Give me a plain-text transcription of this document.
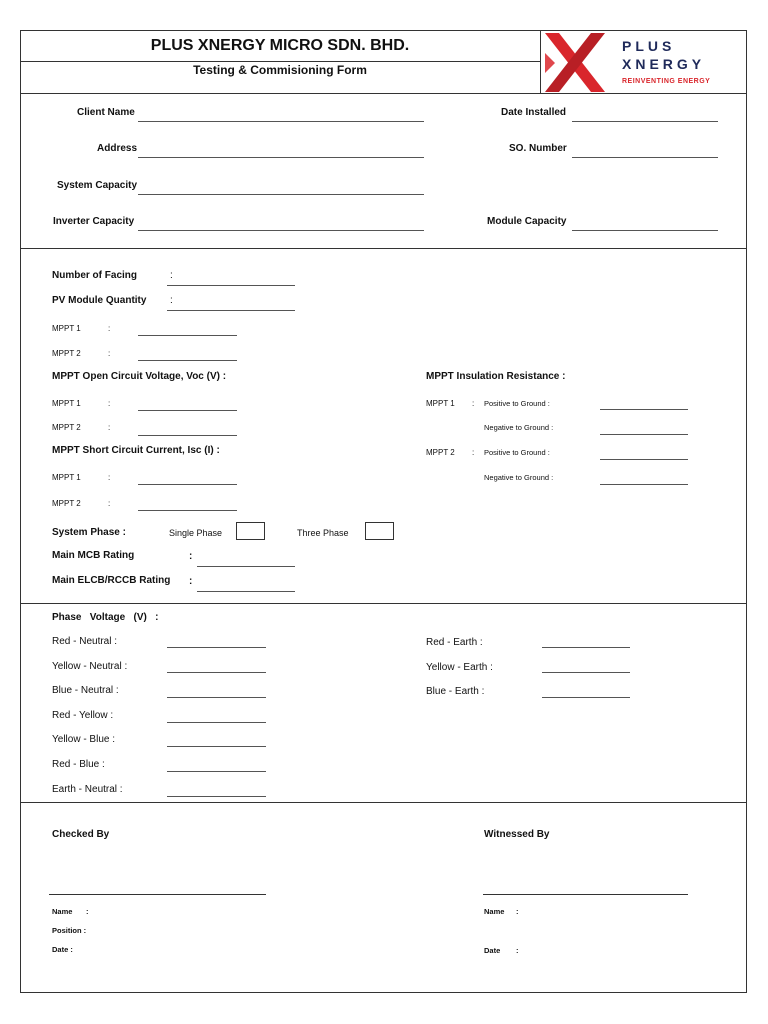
PLUS XNERGY MICRO SDN. BHD.
Testing & Commisioning Form
PLUS
XNERGY
REINVENTING ENERGY
Client Name
Address
System Capacity
Inverter Capacity
Date Installed
SO. Number
Module Capacity
Number of Facing	:
PV Module Quantity :
MPPT 1	:
MPPT 2	:
MPPT Open Circuit Voltage, Voc (V) :
MPPT 1	:
MPPT 2	:
MPPT Short Circuit Current, Isc (I) :
MPPT 1	:
MPPT 2	:
MPPT Insulation Resistance :
MPPT 1 : Positive to Ground :
Negative to Ground :
MPPT 2 : Positive to Ground :
Negative to Ground :
System Phase :	Single Phase	Three Phase
Main MCB Rating	:
Main ELCB/RCCB Rating :
Phase   Voltage   (V)   :
Red - Neutral :
Yellow - Neutral :
Blue - Neutral :
Red - Yellow :
Yellow - Blue :
Red - Blue :
Earth - Neutral :
Red - Earth :
Yellow - Earth :
Blue - Earth :
Checked By
Name :
Position :
Date :
Witnessed By
Name :
Date :
